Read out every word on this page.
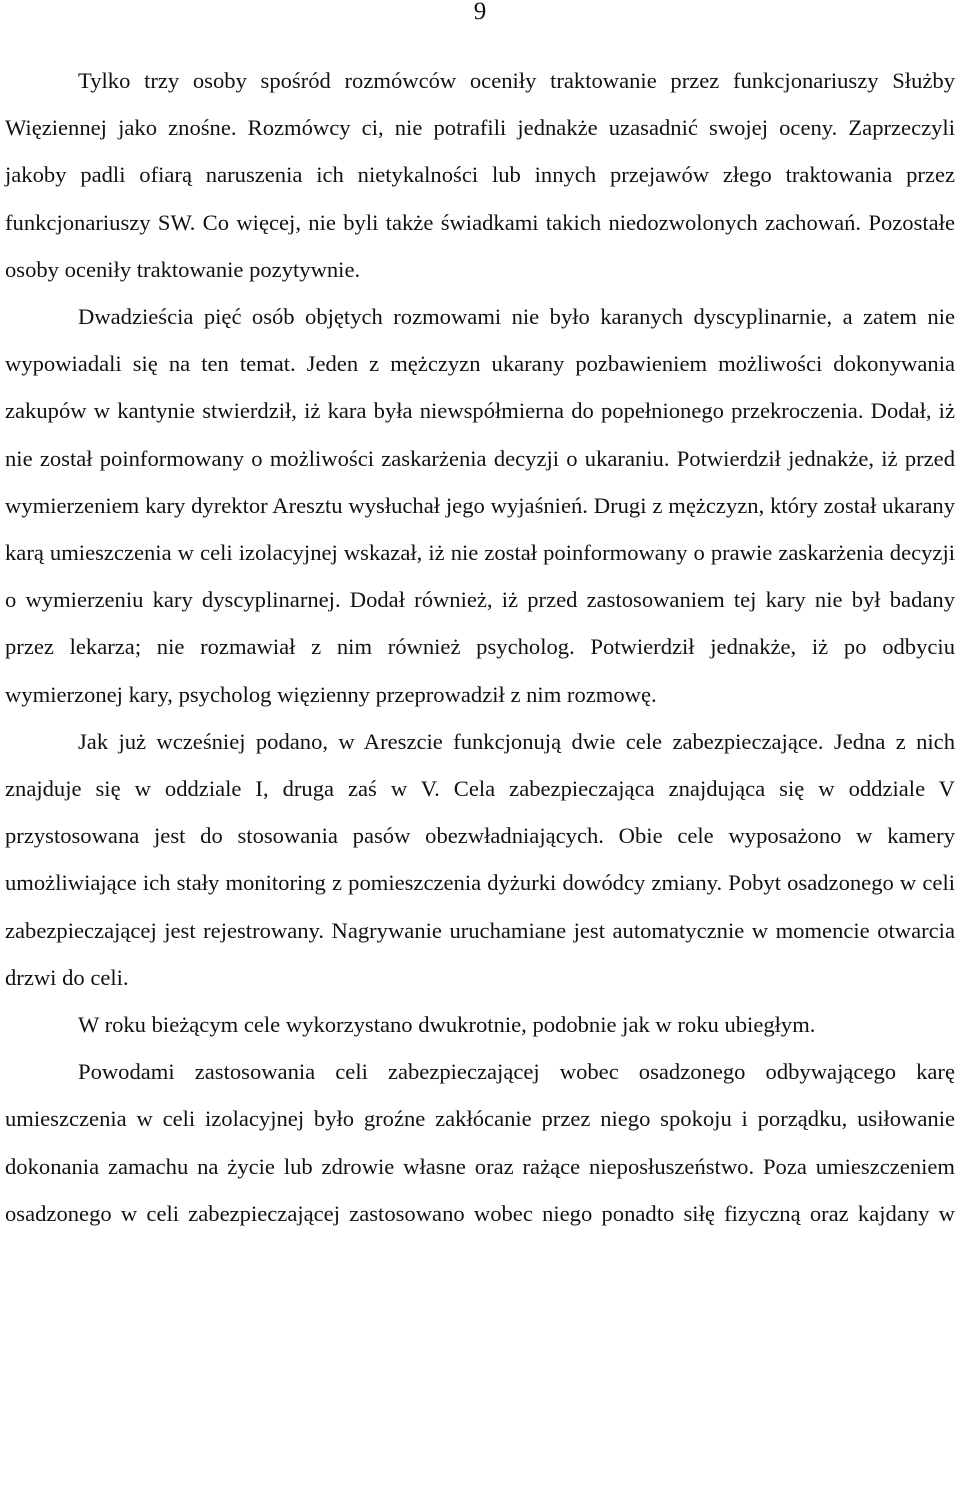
9

Tylko trzy osoby spośród rozmówców oceniły traktowanie przez funkcjonariuszy Służby Więziennej jako znośne. Rozmówcy ci, nie potrafili jednakże uzasadnić swojej oceny. Zaprzeczyli jakoby padli ofiarą naruszenia ich nietykalności lub innych przejawów złego traktowania przez funkcjonariuszy SW. Co więcej, nie byli także świadkami takich niedozwolonych zachowań. Pozostałe osoby oceniły traktowanie pozytywnie.

Dwadzieścia pięć osób objętych rozmowami nie było karanych dyscyplinarnie, a zatem nie wypowiadali się na ten temat. Jeden z mężczyzn ukarany pozbawieniem możliwości dokonywania zakupów w kantynie stwierdził, iż kara była niewspółmierna do popełnionego przekroczenia. Dodał, iż nie został poinformowany o możliwości zaskarżenia decyzji o ukaraniu. Potwierdził jednakże, iż przed wymierzeniem kary dyrektor Aresztu wysłuchał jego wyjaśnień. Drugi z mężczyzn, który został ukarany karą umieszczenia w celi izolacyjnej wskazał, iż nie został poinformowany o prawie zaskarżenia decyzji o wymierzeniu kary dyscyplinarnej. Dodał również, iż przed zastosowaniem tej kary nie był badany przez lekarza; nie rozmawiał z nim również psycholog. Potwierdził jednakże, iż po odbyciu wymierzonej kary, psycholog więzienny przeprowadził z nim rozmowę.

Jak już wcześniej podano, w Areszcie funkcjonują dwie cele zabezpieczające. Jedna z nich znajduje się w oddziale I, druga zaś w V. Cela zabezpieczająca znajdująca się w oddziale V przystosowana jest do stosowania pasów obezwładniających. Obie cele wyposażono w kamery umożliwiające ich stały monitoring z pomieszczenia dyżurki dowódcy zmiany. Pobyt osadzonego w celi zabezpieczającej jest rejestrowany. Nagrywanie uruchamiane jest automatycznie w momencie otwarcia drzwi do celi.

W roku bieżącym cele wykorzystano dwukrotnie, podobnie jak w roku ubiegłym.

Powodami zastosowania celi zabezpieczającej wobec osadzonego odbywającego karę umieszczenia w celi izolacyjnej było groźne zakłócanie przez niego spokoju i porządku, usiłowanie dokonania zamachu na życie lub zdrowie własne oraz rażące nieposłuszeństwo. Poza umieszczeniem osadzonego w celi zabezpieczającej zastosowano wobec niego ponadto siłę fizyczną oraz kajdany w
